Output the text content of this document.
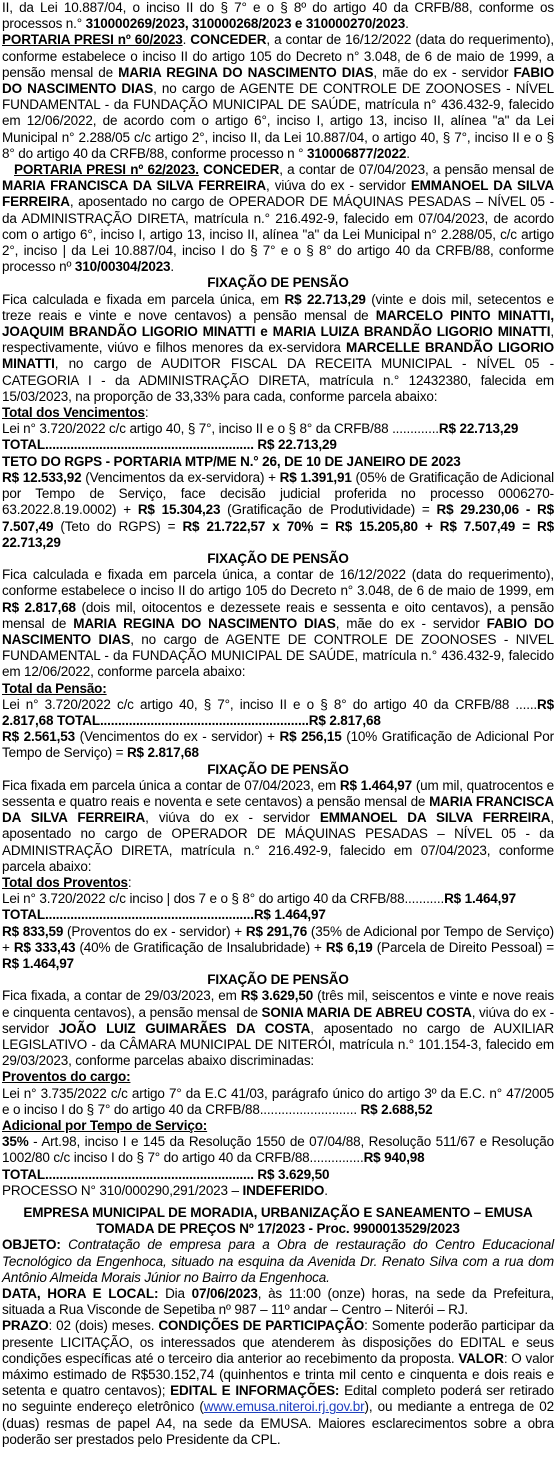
II, da Lei 10.887/04, o inciso II do § 7° e o § 8º do artigo 40 da CRFB/88, conforme os processos n.° 310000269/2023, 310000268/2023 e 310000270/2023.

PORTARIA PRESI nº 60/2023. CONCEDER, a contar de 16/12/2022 (data do requerimento), conforme estabelece o inciso II do artigo 105 do Decreto n° 3.048, de 6 de maio de 1999, a pensão mensal de MARIA REGINA DO NASCIMENTO DIAS, mãe do ex - servidor FABIO DO NASCIMENTO DIAS, no cargo de AGENTE DE CONTROLE DE ZOONOSES - NÍVEL FUNDAMENTAL - da FUNDAÇÃO MUNICIPAL DE SAÚDE, matrícula n° 436.432-9, falecido em 12/06/2022, de acordo com o artigo 6°, inciso I, artigo 13, inciso II, alínea "a" da Lei Municipal n° 2.288/05 c/c artigo 2°, inciso II, da Lei 10.887/04, o artigo 40, § 7°, inciso II e o § 8° do artigo 40 da CRFB/88, conforme processo n ° 310006877/2022.

PORTARIA PRESI nº 62/2023. CONCEDER, a contar de 07/04/2023, a pensão mensal de MARIA FRANCISCA DA SILVA FERREIRA, viúva do ex - servidor EMMANOEL DA SILVA FERREIRA, aposentado no cargo de OPERADOR DE MÁQUINAS PESADAS – NÍVEL 05 - da ADMINISTRAÇÃO DIRETA, matrícula n.° 216.492-9, falecido em 07/04/2023, de acordo com o artigo 6°, inciso I, artigo 13, inciso II, alínea "a" da Lei Municipal n° 2.288/05, c/c artigo 2°, inciso | da Lei 10.887/04, inciso I do § 7° e o § 8° do artigo 40 da CRFB/88, conforme processo nº 310/00304/2023.

FIXAÇÃO DE PENSÃO

Fica calculada e fixada em parcela única, em R$ 22.713,29 (vinte e dois mil, setecentos e treze reais e vinte e nove centavos) a pensão mensal de MARCELO PINTO MINATTI, JOAQUIM BRANDÃO LIGORIO MINATTI e MARIA LUIZA BRANDÃO LIGORIO MINATTI, respectivamente, viúvo e filhos menores da ex-servidora MARCELLE BRANDÃO LIGORIO MINATTI, no cargo de AUDITOR FISCAL DA RECEITA MUNICIPAL - NÍVEL 05 - CATEGORIA I - da ADMINISTRAÇÃO DIRETA, matrícula n.° 12432380, falecida em 15/03/2023, na proporção de 33,33% para cada, conforme parcela abaixo:

Total dos Vencimentos:

Lei n° 3.720/2022 c/c artigo 40, § 7°, inciso II e o § 8° da CRFB/88 .............R$ 22.713,29

TOTAL.......................................................... R$ 22.713,29

TETO DO RGPS - PORTARIA MTP/ME N.° 26, DE 10 DE JANEIRO DE 2023

R$ 12.533,92 (Vencimentos da ex-servidora) + R$ 1.391,91 (05% de Gratificação de Adicional por Tempo de Serviço, face decisão judicial proferida no processo 0006270-63.2022.8.19.0002) + R$ 15.304,23 (Gratificação de Produtividade) = R$ 29.230,06 - R$ 7.507,49 (Teto do RGPS) = R$ 21.722,57 x 70% = R$ 15.205,80 + R$ 7.507,49 = R$ 22.713,29

FIXAÇÃO DE PENSÃO

Fica calculada e fixada em parcela única, a contar de 16/12/2022 (data do requerimento), conforme estabelece o inciso II do artigo 105 do Decreto n° 3.048, de 6 de maio de 1999, em R$ 2.817,68 (dois mil, oitocentos e dezessete reais e sessenta e oito centavos), a pensão mensal de MARIA REGINA DO NASCIMENTO DIAS, mãe do ex - servidor FABIO DO NASCIMENTO DIAS, no cargo de AGENTE DE CONTROLE DE ZOONOSES - NIVEL FUNDAMENTAL - da FUNDAÇÃO MUNICIPAL DE SAÚDE, matrícula n.° 436.432-9, falecido em 12/06/2022, conforme parcela abaixo:

Total da Pensão:

Lei n° 3.720/2022 c/c artigo 40, § 7°, inciso II e o § 8° do artigo 40 da CRFB/88 ......R$ 2.817,68 TOTAL..........................................................R$ 2.817,68

R$ 2.561,53 (Vencimentos do ex - servidor) + R$ 256,15 (10% Gratificação de Adicional Por Tempo de Serviço) = R$ 2.817,68

FIXAÇÃO DE PENSÃO

Fica fixada em parcela única a contar de 07/04/2023, em R$ 1.464,97 (um mil, quatrocentos e sessenta e quatro reais e noventa e sete centavos) a pensão mensal de MARIA FRANCISCA DA SILVA FERREIRA, viúva do ex - servidor EMMANOEL DA SILVA FERREIRA, aposentado no cargo de OPERADOR DE MÁQUINAS PESADAS – NÍVEL 05 - da ADMINISTRAÇÃO DIRETA, matrícula n.° 216.492-9, falecido em 07/04/2023, conforme parcela abaixo:

Total dos Proventos:

Lei n° 3.720/2022 c/c inciso | dos 7 e o § 8° do artigo 40 da CRFB/88...........R$ 1.464,97

TOTAL..........................................................R$ 1.464,97

R$ 833,59 (Proventos do ex - servidor) + R$ 291,76 (35% de Adicional por Tempo de Serviço) + R$ 333,43 (40% de Gratificação de Insalubridade) + R$ 6,19 (Parcela de Direito Pessoal) = R$ 1.464,97

FIXAÇÃO DE PENSÃO

Fica fixada, a contar de 29/03/2023, em R$ 3.629,50 (três mil, seiscentos e vinte e nove reais e cinquenta centavos), a pensão mensal de SONIA MARIA DE ABREU COSTA, viúva do ex - servidor JOÃO LUIZ GUIMARÃES DA COSTA, aposentado no cargo de AUXILIAR LEGISLATIVO - da CÂMARA MUNICIPAL DE NITERÓI, matrícula n.° 101.154-3, falecido em 29/03/2023, conforme parcelas abaixo discriminadas:

Proventos do cargo:

Lei n° 3.735/2022 c/c artigo 7° da E.C 41/03, parágrafo único do artigo 3º da E.C. n° 47/2005 e o inciso I do § 7° do artigo 40 da CRFB/88........................... R$ 2.688,52

Adicional por Tempo de Serviço:

35% - Art.98, inciso I e 145 da Resolução 1550 de 07/04/88, Resolução 511/67 e Resolução 1002/80 c/c inciso I do § 7° do artigo 40 da CRFB/88...............R$ 940,98

TOTAL.......................................................... R$ 3.629,50

PROCESSO N° 310/000290,291/2023 – INDEFERIDO.

EMPRESA MUNICIPAL DE MORADIA, URBANIZAÇÃO E SANEAMENTO – EMUSA

TOMADA DE PREÇOS Nº 17/2023 - Proc. 9900013529/2023

OBJETO: Contratação de empresa para a Obra de restauração do Centro Educacional Tecnológico da Engenhoca, situado na esquina da Avenida Dr. Renato Silva com a rua dom Antônio Almeida Morais Júnior no Bairro da Engenhoca.

DATA, HORA E LOCAL: Dia 07/06/2023, às 11:00 (onze) horas, na sede da Prefeitura, situada a Rua Visconde de Sepetiba nº 987 – 11º andar – Centro – Niterói – RJ.

PRAZO: 02 (dois) meses. CONDIÇÕES DE PARTICIPAÇÃO: Somente poderão participar da presente LICITAÇÃO, os interessados que atenderem às disposições do EDITAL e seus condições específicas até o terceiro dia anterior ao recebimento da proposta. VALOR: O valor máximo estimado de R$530.152,74 (quinhentos e trinta mil cento e cinquenta e dois reais e setenta e quatro centavos); EDITAL E INFORMAÇÕES: Edital completo poderá ser retirado no seguinte endereço eletrônico (www.emusa.niteroi.rj.gov.br), ou mediante a entrega de 02 (duas) resmas de papel A4, na sede da EMUSA. Maiores esclarecimentos sobre a obra poderão ser prestados pelo Presidente da CPL.
